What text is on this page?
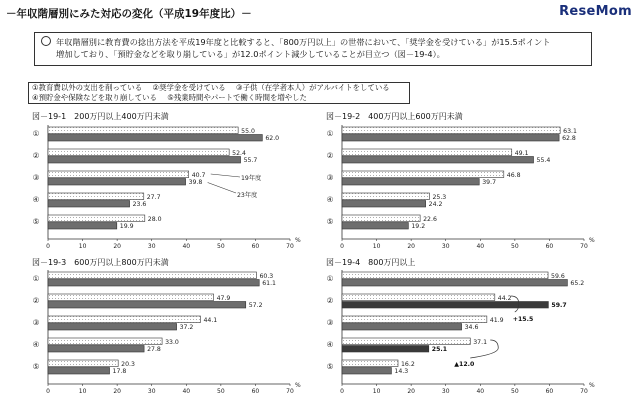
－年収階層別にみた対応の変化（平成19年度比）－	ReseMom
年収階層別に教育費の捻出方法を平成19年度と比較すると、「800万円以上」の世帯において、「奨学金を受けている」が15.5ポイント
増加しており、「預貯金などを取り崩している」が12.0ポイント減少していることが目立つ（図－19-4）。
①教育費以外の支出を削っている ②奨学金を受けている ③子供（在学者本人）がアルバイトをしている
④預貯金や保険などを取り崩している ⑤残業時間やパートで働く時間を増やした
図－19-1　200万円以上400万円未満	図－19-2　400万円以上600万円未満
図－19-3　600万円以上800万円未満	図－19-4　800万円以上
0	10	20	30	40	50	60	70
%
①	55.0
62.0
②	52.4
55.7
③	40.7
39.8
④	27.7
23.6
⑤	28.0
19.9
19年度
23年度
0	10	20	30	40	50	60	70
%
①	63.1
62.8
②	49.1
55.4
③	46.8
39.7
④	25.3
24.2
⑤	22.6
19.2
0	10	20	30	40	50	60	70
%
①	60.3
61.1
②	47.9
57.2
③	44.1
37.2
④	33.0
27.8
⑤	20.3
17.8
0	10	20	30	40	50	60	70
%
①	59.6
65.2
②	44.2
59.7
③	41.9
34.6
④	37.1
25.1
⑤	16.2
14.3
+15.5
▲12.0
